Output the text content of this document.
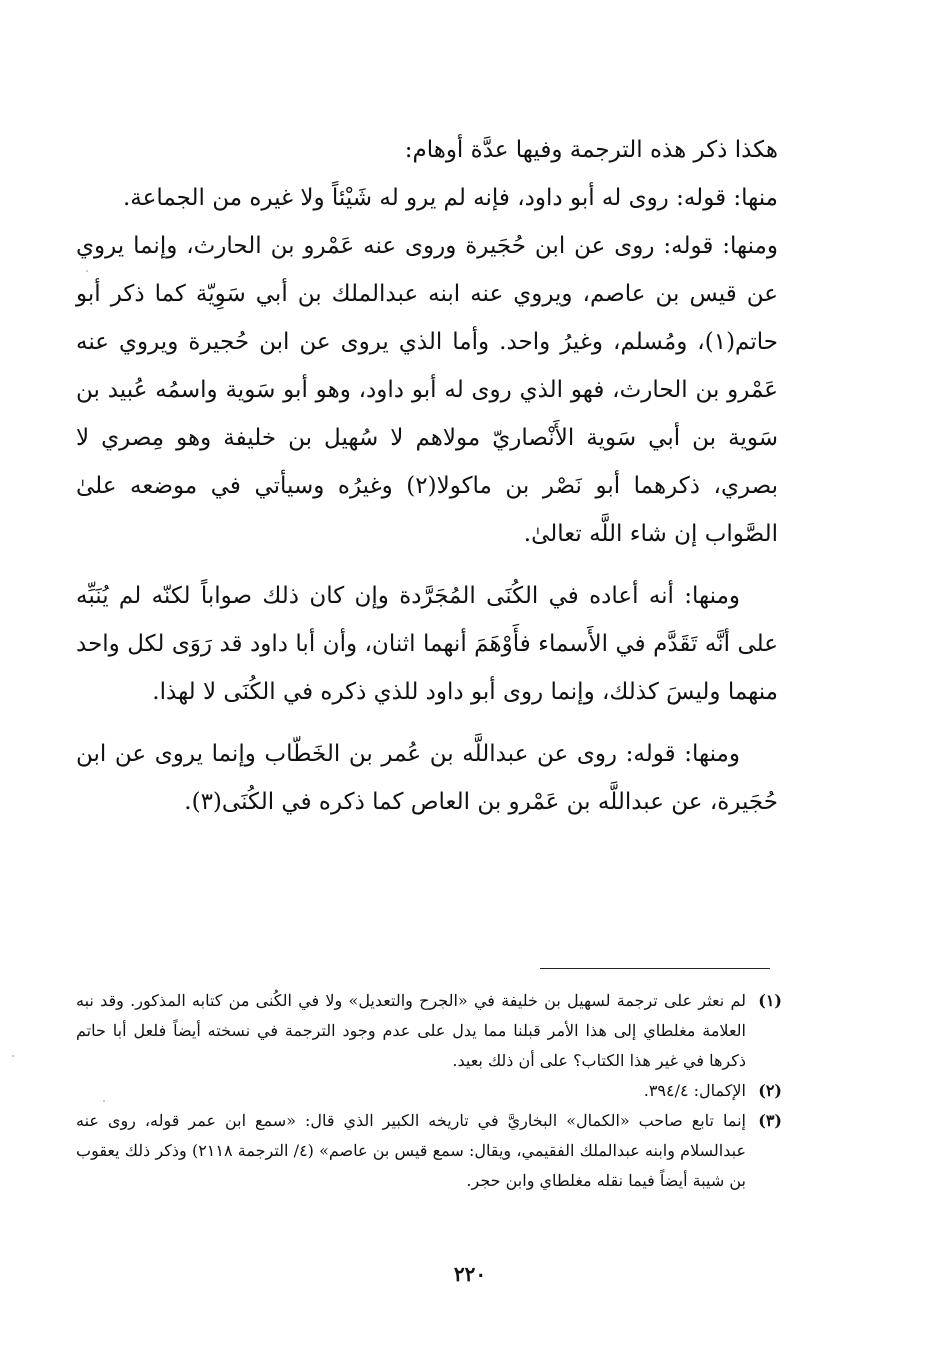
هكذا ذكر هذه الترجمة وفيها عدَّة أوهام:

منها: قوله: روى له أبو داود، فإنه لم يرو له شَيْئاً ولا غيره من الجماعة.

ومنها: قوله: روى عن ابن حُجَيرة وروى عنه عَمْرو بن الحارث، وإنما يروي عن قيس بن عاصم، ويروي عنه ابنه عبدالملك بن أبي سَوِيّة كما ذكر أبو حاتم(١)، ومُسلم، وغيرُ واحد. وأما الذي يروى عن ابن حُجيرة ويروي عنه عَمْرو بن الحارث، فهو الذي روى له أبو داود، وهو أبو سَوية واسمُه عُبيد بن سَوية بن أبي سَوية الأَنْصاريّ مولاهم لا سُهيل بن خليفة وهو مِصري لا بصري، ذكرهما أبو نَصْر بن ماكولا(٢) وغيرُه وسيأتي في موضعه علىٰ الصَّواب إن شاء اللَّه تعالىٰ.

ومنها: أنه أعاده في الكُنَى المُجَرَّدة وإن كان ذلك صواباً لكنّه لم يُنَبِّه على أنَّه تَقَدَّم في الأَسماء فأَوْهَمَ أنهما اثنان، وأن أبا داود قد رَوَى لكل واحد منهما وليسَ كذلك، وإنما روى أبو داود للذي ذكره في الكُنَى لا لهذا.

ومنها: قوله: روى عن عبداللَّه بن عُمر بن الخَطّاب وإنما يروى عن ابن حُجَيرة، عن عبداللَّه بن عَمْرو بن العاص كما ذكره في الكُنَى(٣).

(١)
لم نعثر على ترجمة لسهيل بن خليفة في «الجرح والتعديل» ولا في الكُنى من كتابه المذكور. وقد نبه العلامة مغلطاي إلى هذا الأمر قبلنا مما يدل على عدم وجود الترجمة في نسخته أيضاً فلعل أبا حاتم ذكرها في غير هذا الكتاب؟ على أن ذلك بعيد.

(٢)
الإكمال: ٣٩٤/٤.

(٣)
إنما تابع صاحب «الكمال» البخاريَّ في تاريخه الكبير الذي قال: «سمع ابن عمر قوله، روى عنه عبدالسلام وابنه عبدالملك الفقيمي، ويقال: سمع قيس بن عاصم» (٤/ الترجمة ٢١١٨) وذكر ذلك يعقوب بن شيبة أيضاً فيما نقله مغلطاي وابن حجر.

٢٢٠
